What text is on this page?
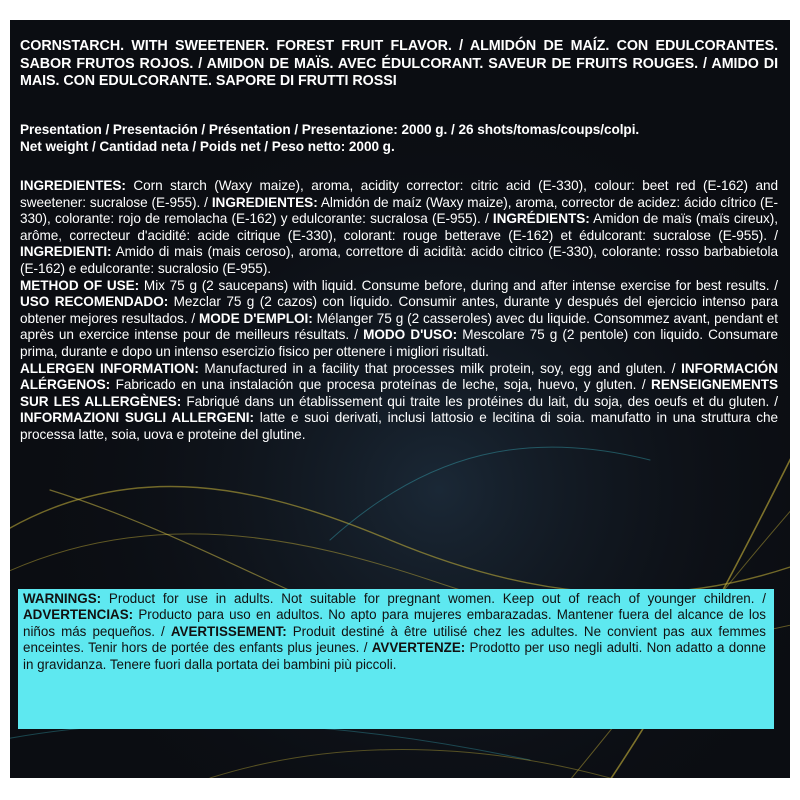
CORNSTARCH. WITH SWEETENER. FOREST FRUIT FLAVOR. / ALMIDÓN DE MAÍZ. CON EDULCORANTES. SABOR FRUTOS ROJOS. / AMIDON DE MAÏS. AVEC ÉDULCORANT. SAVEUR DE FRUITS ROUGES. / AMIDO DI MAIS. CON EDULCORANTE. SAPORE DI FRUTTI ROSSI
Presentation / Presentación / Présentation / Presentazione: 2000 g. / 26 shots/tomas/coups/colpi.
Net weight / Cantidad neta / Poids net / Peso netto: 2000 g.
INGREDIENTES: Corn starch (Waxy maize), aroma, acidity corrector: citric acid (E-330), colour: beet red (E-162) and sweetener: sucralose (E-955). / INGREDIENTES: Almidón de maíz (Waxy maize), aroma, corrector de acidez: ácido cítrico (E-330), colorante: rojo de remolacha (E-162) y edulcorante: sucralosa (E-955). / INGRÉDIENTS: Amidon de maïs (maïs cireux), arôme, correcteur d'acidité: acide citrique (E-330), colorant: rouge betterave (E-162) et édulcorant: sucralose (E-955). / INGREDIENTI: Amido di mais (mais ceroso), aroma, correttore di acidità: acido citrico (E-330), colorante: rosso barbabietola (E-162) e edulcorante: sucralosio (E-955).
METHOD OF USE: Mix 75 g (2 saucepans) with liquid. Consume before, during and after intense exercise for best results. / USO RECOMENDADO: Mezclar 75 g (2 cazos) con líquido. Consumir antes, durante y después del ejercicio intenso para obtener mejores resultados. / MODE D'EMPLOI: Mélanger 75 g (2 casseroles) avec du liquide. Consommez avant, pendant et après un exercice intense pour de meilleurs résultats. / MODO D'USO: Mescolare 75 g (2 pentole) con liquido. Consumare prima, durante e dopo un intenso esercizio fisico per ottenere i migliori risultati.
ALLERGEN INFORMATION: Manufactured in a facility that processes milk protein, soy, egg and gluten. / INFORMACIÓN ALÉRGENOS: Fabricado en una instalación que procesa proteínas de leche, soja, huevo, y gluten. / RENSEIGNEMENTS SUR LES ALLERGÈNES: Fabriqué dans un établissement qui traite les protéines du lait, du soja, des oeufs et du gluten. / INFORMAZIONI SUGLI ALLERGENI: latte e suoi derivati, inclusi lattosio e lecitina di soia. manufatto in una struttura che processa latte, soia, uova e proteine del glutine.
WARNINGS: Product for use in adults. Not suitable for pregnant women. Keep out of reach of younger children. / ADVERTENCIAS: Producto para uso en adultos. No apto para mujeres embarazadas. Mantener fuera del alcance de los niños más pequeños. / AVERTISSEMENT: Produit destiné à être utilisé chez les adultes. Ne convient pas aux femmes enceintes. Tenir hors de portée des enfants plus jeunes. / AVVERTENZE: Prodotto per uso negli adulti. Non adatto a donne in gravidanza. Tenere fuori dalla portata dei bambini più piccoli.
